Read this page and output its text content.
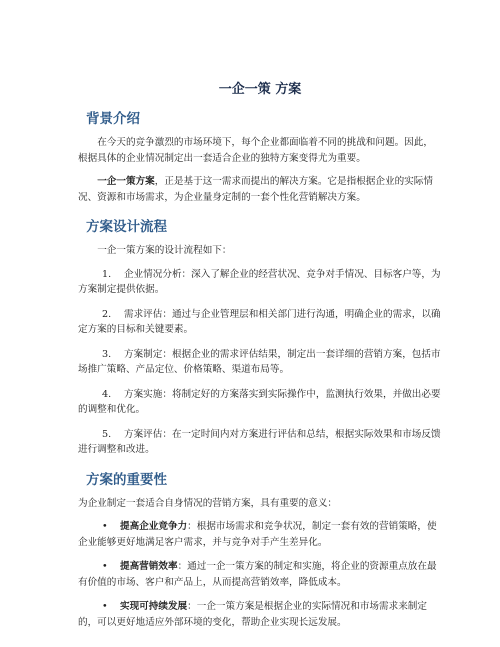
一企一策 方案
背景介绍

在今天的竞争激烈的市场环境下，每个企业都面临着不同的挑战和问题。因此，根据具体的企业情况制定出一套适合企业的独特方案变得尤为重要。

一企一策方案，正是基于这一需求而提出的解决方案。它是指根据企业的实际情况、资源和市场需求，为企业量身定制的一套个性化营销解决方案。

方案设计流程

一企一策方案的设计流程如下：

1. 企业情况分析：深入了解企业的经营状况、竞争对手情况、目标客户等，为方案制定提供依据。
2. 需求评估：通过与企业管理层和相关部门进行沟通，明确企业的需求，以确定方案的目标和关键要素。
3. 方案制定：根据企业的需求评估结果，制定出一套详细的营销方案，包括市场推广策略、产品定位、价格策略、渠道布局等。
4. 方案实施：将制定好的方案落实到实际操作中，监测执行效果，并做出必要的调整和优化。
5. 方案评估：在一定时间内对方案进行评估和总结，根据实际效果和市场反馈进行调整和改进。
方案的重要性

为企业制定一套适合自身情况的营销方案，具有重要的意义：

• 提高企业竞争力：根据市场需求和竞争状况，制定一套有效的营销策略，使企业能够更好地满足客户需求，并与竞争对手产生差异化。
• 提高营销效率：通过一企一策方案的制定和实施，将企业的资源重点放在最有价值的市场、客户和产品上，从而提高营销效率，降低成本。
• 实现可持续发展：一企一策方案是根据企业的实际情况和市场需求来制定的，可以更好地适应外部环境的变化，帮助企业实现长远发展。
